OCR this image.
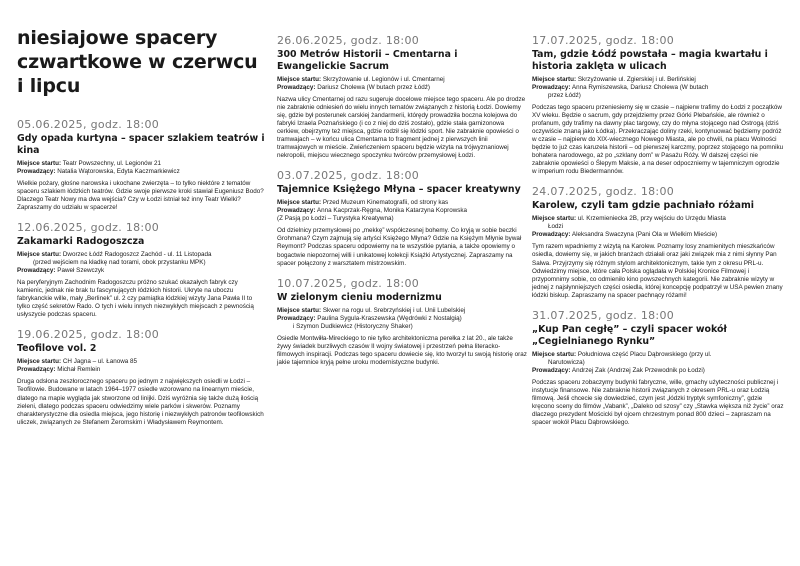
niesiajowe spacery czwartkowe w czerwcu i lipcu

05.06.2025, godz. 18:00

Gdy opada kurtyna – spacer szlakiem teatrów i kina

Miejsce startu: Teatr Powszechny, ul. Legionów 21

Prowadzący: Natalia Wątorowska, Edyta Kaczmarkiewicz

Wielkie pożary, głośne narowska i ukochane zwierzęta – to tylko niektóre z tematów spaceru szlakiem łódzkich teatrów. Gdzie swoje pierwsze kroki stawiał Eugeniusz Bodo? Dlaczego Teatr Nowy ma dwa wejścia? Czy w Łodzi istniał też inny Teatr Wielki? Zapraszamy do udziału w spacerze!

12.06.2025, godz. 18:00

Zakamarki Radogoszcza

Miejsce startu: Dworzec Łódź Radogoszcz Zachód - ul. 11 Listopada

(przed wejściem na kładkę nad torami, obok przystanku MPK)

Prowadzący: Paweł Szewczyk

Na peryferyjnym Zachodnim Radogoszczu próżno szukać okazałych fabryk czy kamienic, jednak nie brak tu fascynujących łódzkich historii. Ukryte na uboczu fabrykanckie wille, mały „Berlinek” ul. 2 czy pamiątka łódzkiej wizyty Jana Pawła II to tylko część sekretów Rado. O tych i wielu innych niezwykłych miejscach z pewnością usłyszycie podczas spaceru.

19.06.2025, godz. 18:00

Teofilove vol. 2

Miejsce startu: CH Jagna – ul. Łanowa 85

Prowadzący: Michał Remlein

Druga odsłona zeszłorocznego spaceru po jednym z największych osiedli w Łodzi – Teofilowie. Budowane w latach 1964–1977 osiedle wzorowano na linearnym mieście, dlatego na mapie wygląda jak stworzone od linijki. Dziś wyróżnia się także dużą ilością zieleni, dlatego podczas spaceru odwiedzimy wiele parków i skwerów. Poznamy charakterystyczne dla osiedla miejsca, jego historię i niezwykłych patronów teofilowskich uliczek, związanych ze Stefanem Żeromskim i Władysławem Reymontem.

26.06.2025, godz. 18:00

300 Metrów Historii – Cmentarna i Ewangelickie Sacrum

Miejsce startu: Skrzyżowanie ul. Legionów i ul. Cmentarnej

Prowadzący: Dariusz Cholewa (W butach przez Łódź)

Nazwa ulicy Cmentarnej od razu sugeruje docelowe miejsce tego spaceru. Ale po drodze nie zabraknie odniesień do wielu innych tematów związanych z historią Łodzi. Dowiemy się, gdzie był posterunek carskiej żandarmerii, którędy prowadziła boczna kolejowa do fabryki Izraela Poznańskiego (i co z niej do dziś zostało), gdzie stała garnizonowa cerkiew, obejrzymy też miejsca, gdzie rodził się łódzki sport. Nie zabraknie opowieści o tramwajach – w końcu ulica Cmentarna to fragment jednej z pierwszych linii tramwajowych w mieście. Zwieńczeniem spaceru będzie wizyta na trójwyznaniowej nekropolii, miejscu wiecznego spoczynku twórców przemysłowej Łodzi.

03.07.2025, godz. 18:00

Tajemnice Księżego Młyna – spacer kreatywny

Miejsce startu: Przed Muzeum Kinematografii, od strony kas

Prowadzący: Anna Kacprzak-Ręgna, Monika Katarzyna Koprowska

(Z Pasją po Łodzi – Turystyka Kreatywna)

Od dzielnicy przemysłowej po „mekkę” współczesnej bohemy. Co kryją w sobie beczki Grohmana? Czym zajmują się artyści Księżego Młyna? Gdzie na Księżym Młynie bywał Reymont? Podczas spaceru odpowiemy na te wszystkie pytania, a także opowiemy o bogactwie niepozornej willi i unikatowej kolekcji Książki Artystycznej. Zapraszamy na spacer połączony z warsztatem mistrzowskim.

10.07.2025, godz. 18:00

W zielonym cieniu modernizmu

Miejsce startu: Skwer na rogu ul. Srebrzyńskiej i ul. Unii Lubelskiej

Prowadzący: Paulina Sygula-Kraszewska (Wędrówki z Nostalgią)

i Szymon Dudkiewicz (Historyczny Shaker)

Osiedle Montwiłła-Mireckiego to nie tylko architektoniczna perełka z lat 20., ale także żywy świadek burzliwych czasów II wojny światowej i przestrzeń pełna literacko-filmowych inspiracji. Podczas tego spaceru dowiecie się, kto tworzył tu swoją historię oraz jakie tajemnice kryją pełne uroku modernistyczne budynki.

17.07.2025, godz. 18:00

Tam, gdzie Łódź powstała – magia kwartału i historia zaklęta w ulicach

Miejsce startu: Skrzyżowanie ul. Zgierskiej i ul. Berlińskiej

Prowadzący: Anna Rymiszewska, Dariusz Cholewa (W butach

przez Łódź)

Podczas tego spaceru przeniesiemy się w czasie – najpierw trafimy do Łodzi z początków XV wieku. Będzie o sacrum, gdy przejdziemy przez Górki Plebańskie, ale również o profanum, gdy trafimy na dawny plac targowy, czy do młyna stojącego nad Ostrogą (dziś oczywiście znaną jako Łódka). Przekraczając doliny rzeki, kontynuować będziemy podróż w czasie – najpierw do XIX-wiecznego Nowego Miasta, ale po chwili, na placu Wolności będzie to już czas karuzela historii – od pierwszej karczmy, poprzez stojącego na pomniku bohatera narodowego, aż po „szklany dom” w Pasażu Róży. W dalszej części nie zabraknie opowieści o Ślepym Maksie, a na deser odpoczniemy w tajemniczym ogrodzie w imperium rodu Biedermannów.

24.07.2025, godz. 18:00

Karolew, czyli tam gdzie pachniało różami

Miejsce startu: ul. Krzemieniecka 2B, przy wejściu do Urzędu Miasta

Łodzi

Prowadzący: Aleksandra Swaczyna (Pani Ola w Wielkim Mieście)

Tym razem wpadniemy z wizytą na Karolew. Poznamy losy znamienitych mieszkańców osiedla, dowiemy się, w jakich branżach działali oraz jaki związek mia z nimi słynny Pan Salwa. Przyjrzymy się różnym stylom architektonicznym, takie tym z okresu PRL-u. Odwiedzimy miejsce, które cała Polska oglądała w Polskiej Kronice Filmowej i przypomnimy sobie, co odmieniło kino powszechnych kategorii. Nie zabraknie wizyty w jednej z najsłynniejszych części osiedla, której koncepcję podpatrzył w USA pewien znany łódzki biskup. Zapraszamy na spacer pachnący różami!

31.07.2025, godz. 18:00

„Kup Pan cegłę” – czyli spacer wokół „Cegielnianego Rynku”

Miejsce startu: Południowa część Placu Dąbrowskiego (przy ul.

Narutowicza)

Prowadzący: Andrzej Zak (Andrzej Zak Przewodnik po Łodzi)

Podczas spaceru zobaczymy budynki fabryczne, wille, gmachy użyteczności publicznej i instytucje finansowe. Nie zabraknie historii związanych z okresem PRL-u oraz Łodzią filmową. Jeśli chcecie się dowiedzieć, czym jest „łódzki tryptyk symfoniczny”, gdzie kręcono sceny do filmów „Vabank”, „Daleko od szosy” czy „Stawka większa niż życie” oraz dlaczego prezydent Mościcki był ojcem chrzestnym ponad 800 dzieci – zapraszam na spacer wokół Placu Dąbrowskiego.
